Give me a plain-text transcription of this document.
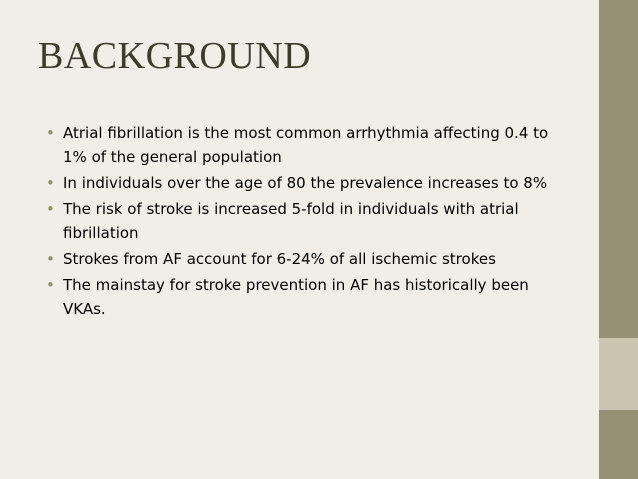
BACKGROUND
• Atrial fibrillation is the most common arrhythmia affecting 0.4 to 1% of the general population
• In individuals over the age of 80 the prevalence increases to 8%
• The risk of stroke is increased 5-fold in individuals with atrial fibrillation
• Strokes from AF account for 6-24% of all ischemic strokes
• The mainstay for stroke prevention in AF has historically been VKAs.
